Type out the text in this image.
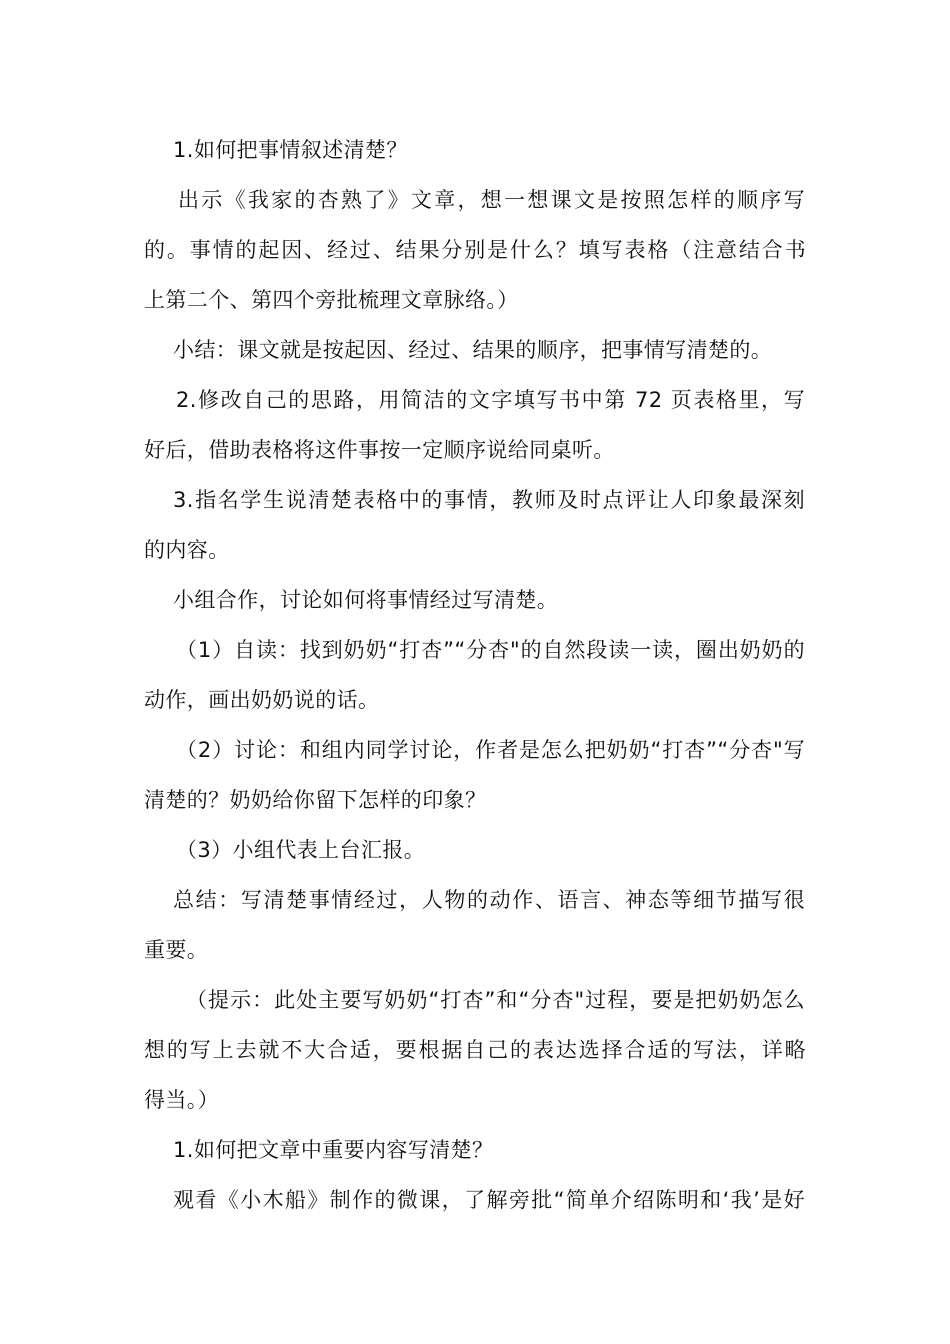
1.如何把事情叙述清楚？
出示《我家的杏熟了》文章，想一想课文是按照怎样的顺序写
的。事情的起因、经过、结果分别是什么？填写表格（注意结合书
上第二个、第四个旁批梳理文章脉络。）
小结：课文就是按起因、经过、结果的顺序，把事情写清楚的。
2.修改自己的思路，用简洁的文字填写书中第 72 页表格里，写
好后，借助表格将这件事按一定顺序说给同桌听。
3.指名学生说清楚表格中的事情，教师及时点评让人印象最深刻
的内容。
小组合作，讨论如何将事情经过写清楚。
（1）自读：找到奶奶“打杏”“分杏"的自然段读一读，圈出奶奶的
动作，画出奶奶说的话。
（2）讨论：和组内同学讨论，作者是怎么把奶奶“打杏”“分杏"写
清楚的？奶奶给你留下怎样的印象？
（3）小组代表上台汇报。
总结：写清楚事情经过，人物的动作、语言、神态等细节描写很
重要。
（提示：此处主要写奶奶“打杏”和“分杏"过程，要是把奶奶怎么
想的写上去就不大合适，要根据自己的表达选择合适的写法，详略
得当。）
1.如何把文章中重要内容写清楚？
观看《小木船》制作的微课，了解旁批“简单介绍陈明和‘我’是好
